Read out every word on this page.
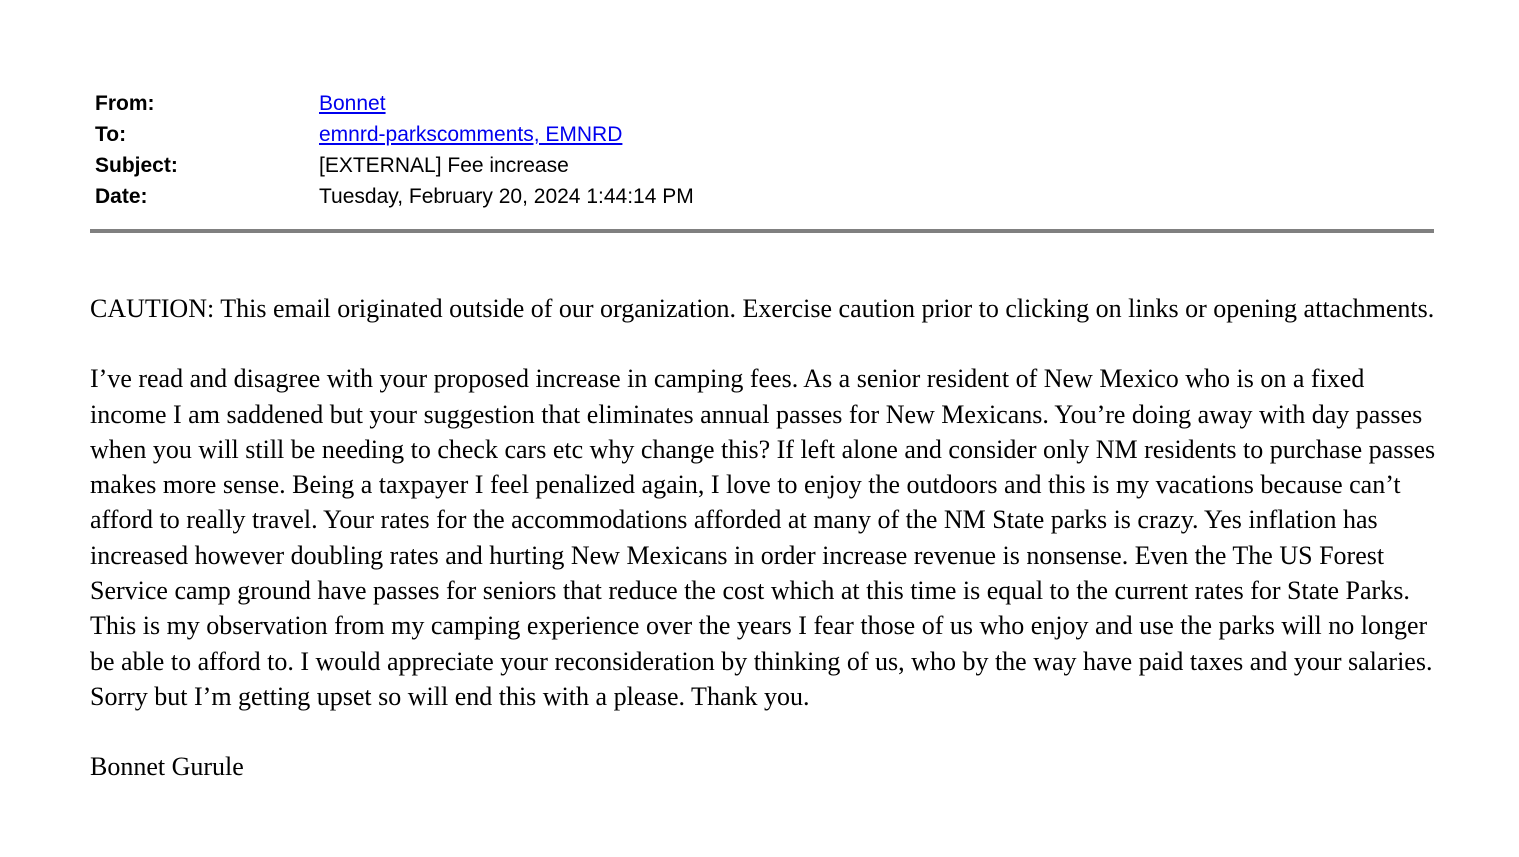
From:	Bonnet
To:	emnrd-parkscomments, EMNRD
Subject:	[EXTERNAL] Fee increase
Date:	Tuesday, February 20, 2024 1:44:14 PM

CAUTION: This email originated outside of our organization. Exercise caution prior to clicking on links or opening attachments.

I’ve read and disagree with your proposed increase in camping fees. As a senior resident of New Mexico who is on a fixed income I am saddened but your suggestion that eliminates annual passes for New Mexicans. You’re doing away with day passes when you will still be needing to check cars etc why change this? If left alone and consider only NM residents to purchase passes makes more sense. Being a taxpayer I feel penalized again, I love to enjoy the outdoors and this is my vacations because can’t afford to really travel. Your rates for the accommodations afforded at many of the NM State parks is crazy. Yes inflation has increased however doubling rates and hurting New Mexicans in order increase revenue is nonsense. Even the The US Forest Service camp ground have passes for seniors that reduce the cost which at this time is equal to the current rates for State Parks. This is my observation from my camping experience over the years I fear those of us who enjoy and use the parks will no longer be able to afford to. I would appreciate your reconsideration by thinking of us, who by the way have paid taxes and your salaries. Sorry but I’m getting upset so will end this with a please. Thank you.

Bonnet Gurule
